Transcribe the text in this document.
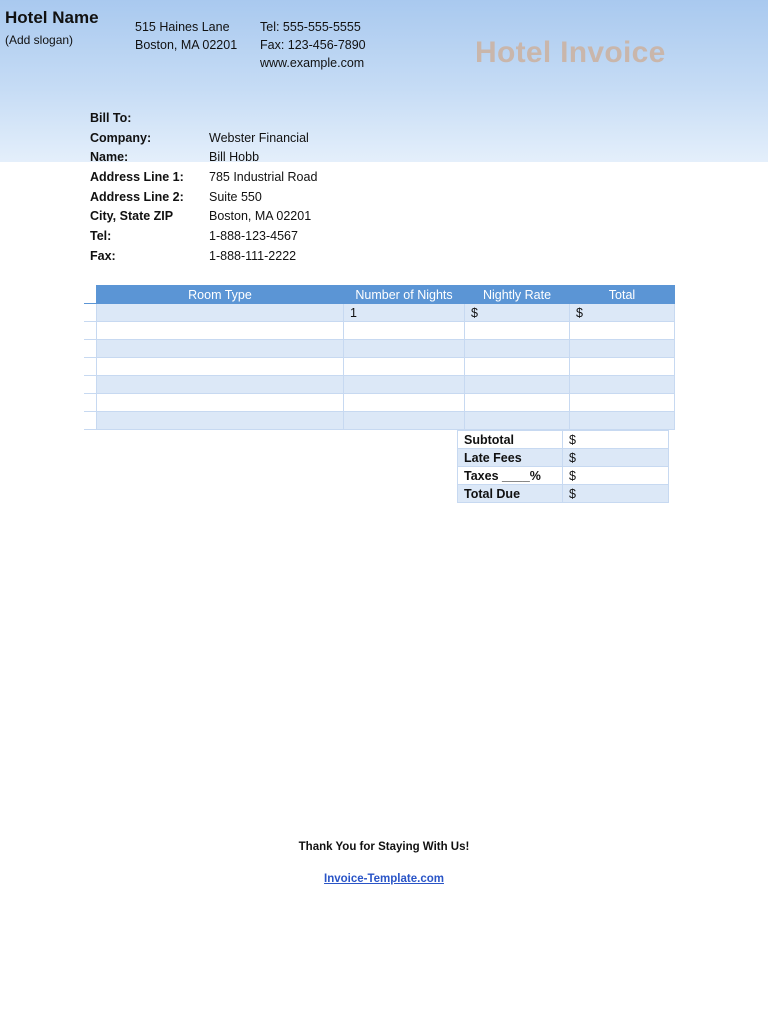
Hotel Name
(Add slogan)
515 Haines Lane
Boston, MA 02201
Tel: 555-555-5555
Fax: 123-456-7890
www.example.com	Hotel Invoice
Bill To:
Company:	Webster Financial
Name:	Bill Hobb
Address Line 1:	785 Industrial Road
Address Line 2:	Suite 550
City, State ZIP	Boston, MA 02201
Tel:	1-888-123-4567
Fax:	1-888-111-2222
	Room Type	Number of Nights	Nightly Rate	Total
		1	$	$

Subtotal	$
Late Fees	$
Taxes ____%	$
Total Due	$
Thank You for Staying With Us!
Invoice-Template.com
